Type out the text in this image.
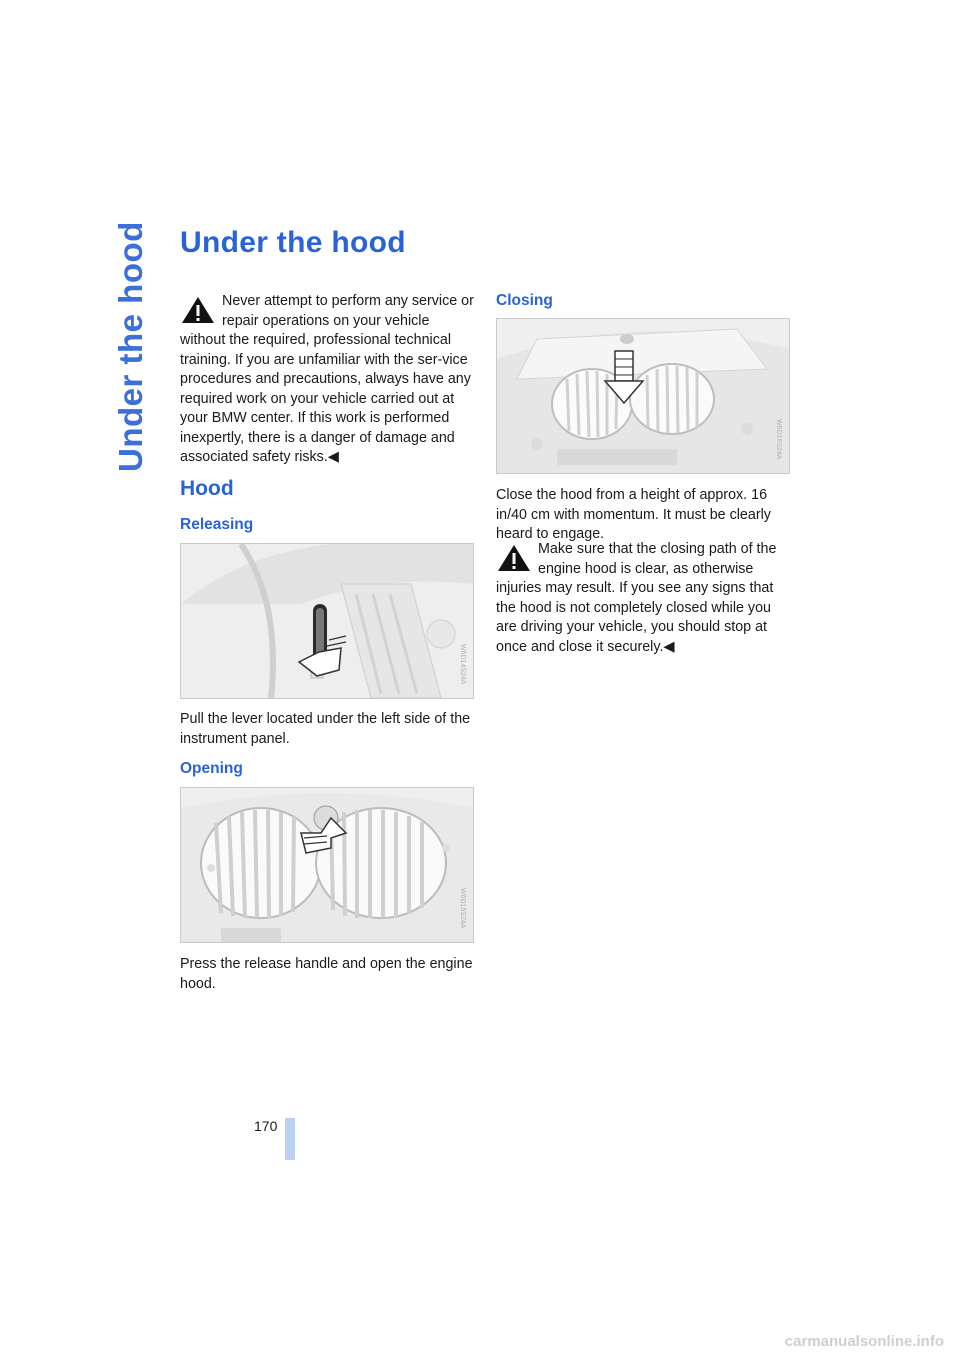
Under the hood Under the hood

Never attempt to perform any service or repair operations on your vehicle without the required, professional technical training. If you are unfamiliar with the ser-vice procedures and precautions, always have any required work on your vehicle carried out at your BMW center. If this work is performed inexpertly, there is a danger of damage and associated safety risks.◀

Hood
Releasing
W6D14S24A

Pull the lever located under the left side of the instrument panel.

Opening
W6D15S24A

Press the release handle and open the engine hood.

Closing
W6D16S24A

Close the hood from a height of approx. 16 in/40 cm with momentum. It must be clearly heard to engage.

Make sure that the closing path of the engine hood is clear, as otherwise injuries may result. If you see any signs that the hood is not completely closed while you are driving your vehicle, you should stop at once and close it securely.◀

170
carmanualsonline.info
